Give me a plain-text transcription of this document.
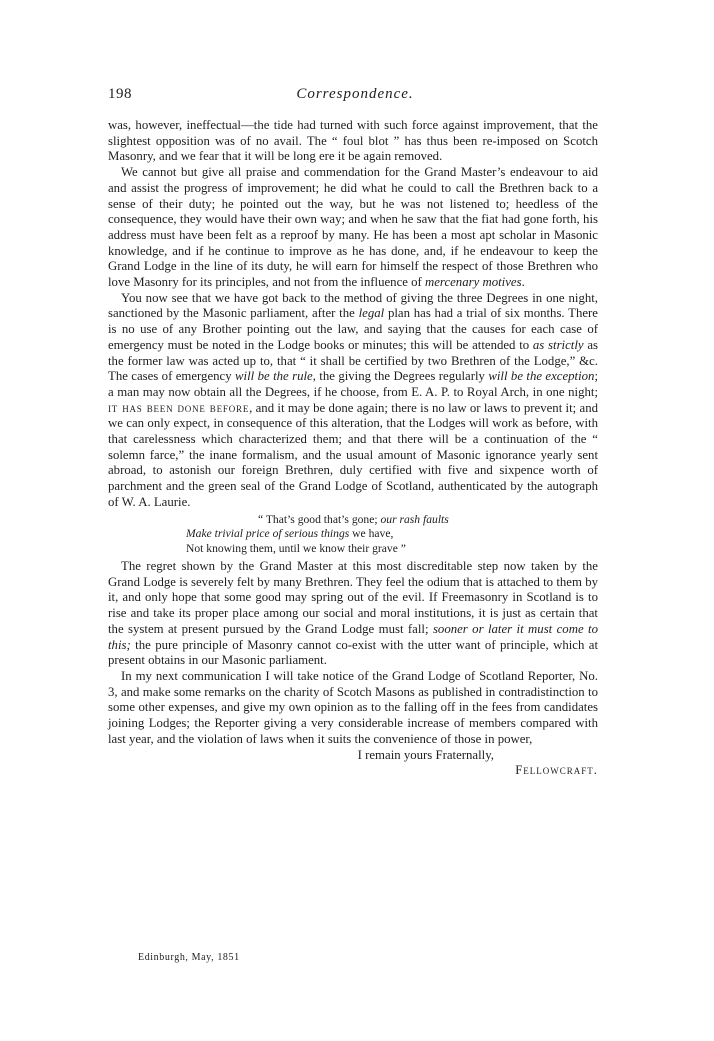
198	Correspondence.

was, however, ineffectual—the tide had turned with such force against improvement, that the slightest opposition was of no avail. The “ foul blot ” has thus been re-imposed on Scotch Masonry, and we fear that it will be long ere it be again removed.

We cannot but give all praise and commendation for the Grand Master’s endeavour to aid and assist the progress of improvement; he did what he could to call the Brethren back to a sense of their duty; he pointed out the way, but he was not listened to; heedless of the consequence, they would have their own way; and when he saw that the fiat had gone forth, his address must have been felt as a reproof by many. He has been a most apt scholar in Masonic knowledge, and if he continue to improve as he has done, and, if he endeavour to keep the Grand Lodge in the line of its duty, he will earn for himself the respect of those Brethren who love Masonry for its principles, and not from the influence of mercenary motives.

You now see that we have got back to the method of giving the three Degrees in one night, sanctioned by the Masonic parliament, after the legal plan has had a trial of six months. There is no use of any Brother pointing out the law, and saying that the causes for each case of emergency must be noted in the Lodge books or minutes; this will be attended to as strictly as the former law was acted up to, that “ it shall be certified by two Brethren of the Lodge,” &c. The cases of emergency will be the rule, the giving the Degrees regularly will be the exception; a man may now obtain all the Degrees, if he choose, from E. A. P. to Royal Arch, in one night; it has been done before, and it may be done again; there is no law or laws to prevent it; and we can only expect, in consequence of this alteration, that the Lodges will work as before, with that carelessness which characterized them; and that there will be a continuation of the “ solemn farce,” the inane formalism, and the usual amount of Masonic ignorance yearly sent abroad, to astonish our foreign Brethren, duly certified with five and sixpence worth of parchment and the green seal of the Grand Lodge of Scotland, authenticated by the autograph of W. A. Laurie.

“ That’s good that’s gone; our rash faults
Make trivial price of serious things we have,
Not knowing them, until we know their grave ”

The regret shown by the Grand Master at this most discreditable step now taken by the Grand Lodge is severely felt by many Brethren. They feel the odium that is attached to them by it, and only hope that some good may spring out of the evil. If Freemasonry in Scotland is to rise and take its proper place among our social and moral institutions, it is just as certain that the system at present pursued by the Grand Lodge must fall; sooner or later it must come to this; the pure principle of Masonry cannot co-exist with the utter want of principle, which at present obtains in our Masonic parliament.

In my next communication I will take notice of the Grand Lodge of Scotland Reporter, No. 3, and make some remarks on the charity of Scotch Masons as published in contradistinction to some other expenses, and give my own opinion as to the falling off in the fees from candidates joining Lodges; the Reporter giving a very considerable increase of members compared with last year, and the violation of laws when it suits the convenience of those in power,

I remain yours Fraternally,
Fellowcraft.
Edinburgh, May, 1851
